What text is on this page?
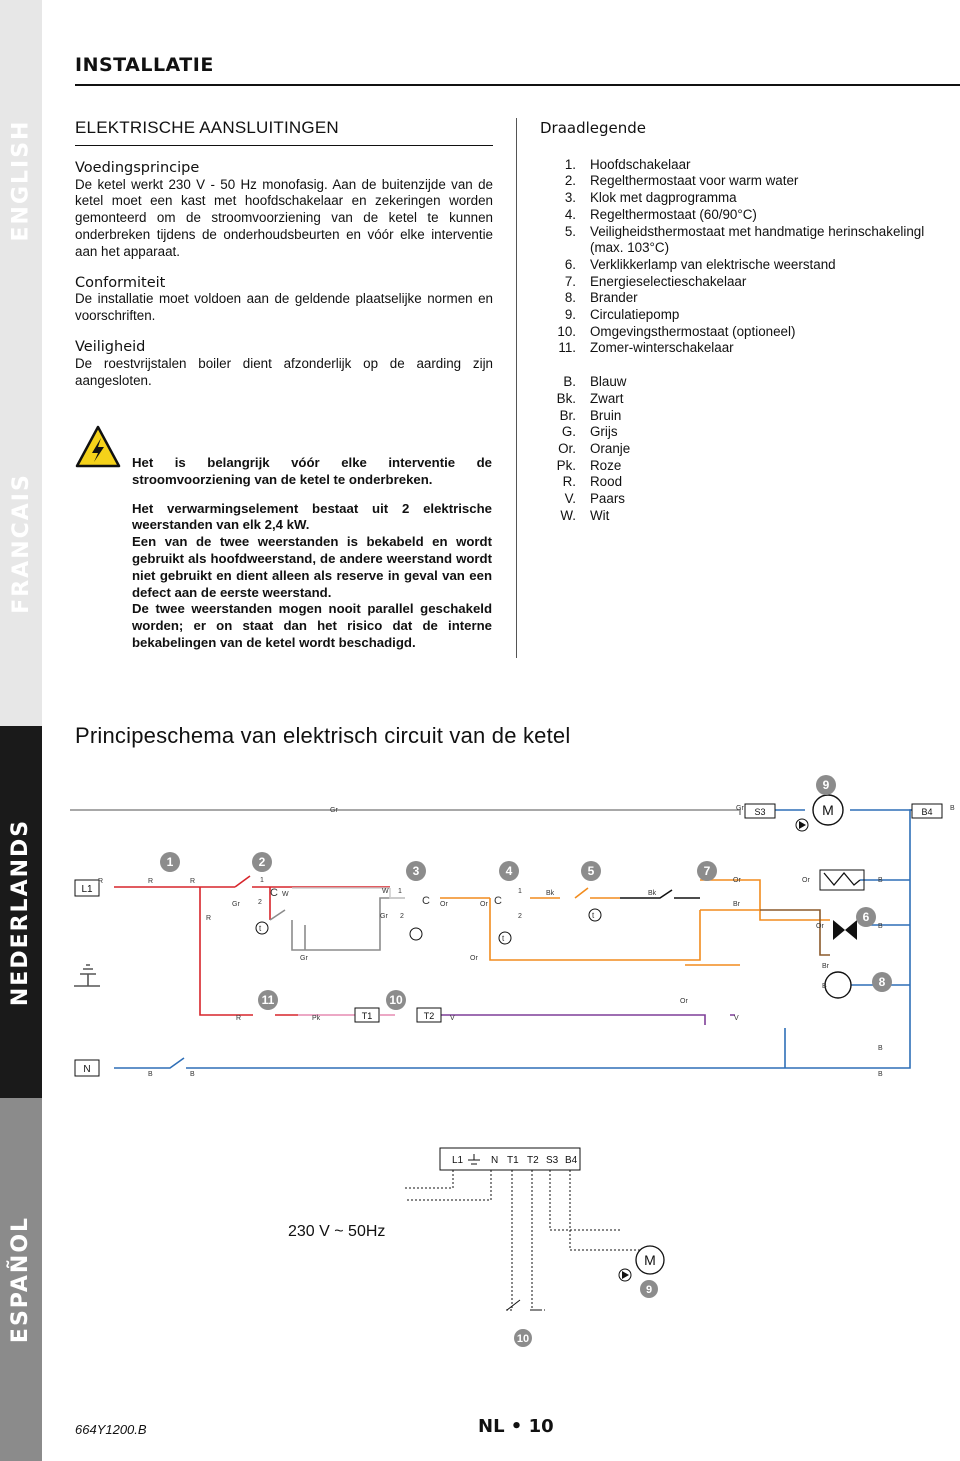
ENGLISH
FRANCAIS
NEDERLANDS
ESPAÑOL
INSTALLATIE
ELEKTRISCHE AANSLUITINGEN
Voedingsprincipe

De ketel werkt 230 V - 50 Hz monofasig. Aan de buitenzijde van de ketel moet een kast met hoofdschakelaar en zekeringen worden gemonteerd om de stroomvoorziening van de ketel te kunnen onderbreken tijdens de onderhoudsbeurten en vóór elke interventie aan het apparaat.

Conformiteit

De installatie moet voldoen aan de geldende plaatselijke normen en voorschriften.

Veiligheid

De roestvrijstalen boiler dient afzonderlijk op de aarding zijn aangesloten.

Het is belangrijk vóór elke interventie de stroomvoorziening van de ketel te onderbreken.

Het verwarmingselement bestaat uit 2 elektrische weerstanden van elk 2,4 kW.

Een van de twee weerstanden is bekabeld en wordt gebruikt als hoofdweerstand, de andere weerstand wordt niet gebruikt en dient alleen als reserve in geval van een defect aan de eerste weerstand.

De twee weerstanden mogen nooit parallel geschakeld worden; er on staat dan het risico dat de interne bekabelingen van de ketel wordt beschadigd.

Draadlegende
1.	Hoofdschakelaar
2.	Regelthermostaat voor warm water
3.	Klok met dagprogramma
4.	Regelthermostaat (60/90°C)
5.	Veiligheidsthermostaat met handmatige herinschakelingl
(max. 103°C)
6.	Verklikkerlamp van elektrische weerstand
7.	Energieselectieschakelaar
8.	Brander
9.	Circulatiepomp
10.	Omgevingsthermostaat (optioneel)
11.	Zomer-winterschakelaar
B.	Blauw
Bk.	Zwart
Br.	Bruin
G.	Grijs
Or.	Oranje
Pk.	Roze
R.	Rood
V.	Paars
W.	Wit
Principeschema van elektrisch circuit van de ketel
L1
N
S3	B4
T1	T2
M
1	2
3	4	5
6
7
8
9
10
11
R	R	R
R
R
Gr	Gr
Gr
Gr
Gr
W	W
Or	Or
Or
Or	Or
Or
Or
Bk	Bk
Br
Br
B
B
B
B
B	B	B
B
Pk	V	V
1
2
C	1
2
C
1
2
C
t
t
t
L1	N T1 T2 S3 B4
230 V ~ 50Hz
M
9
10
664Y1200.B	NL • 10
